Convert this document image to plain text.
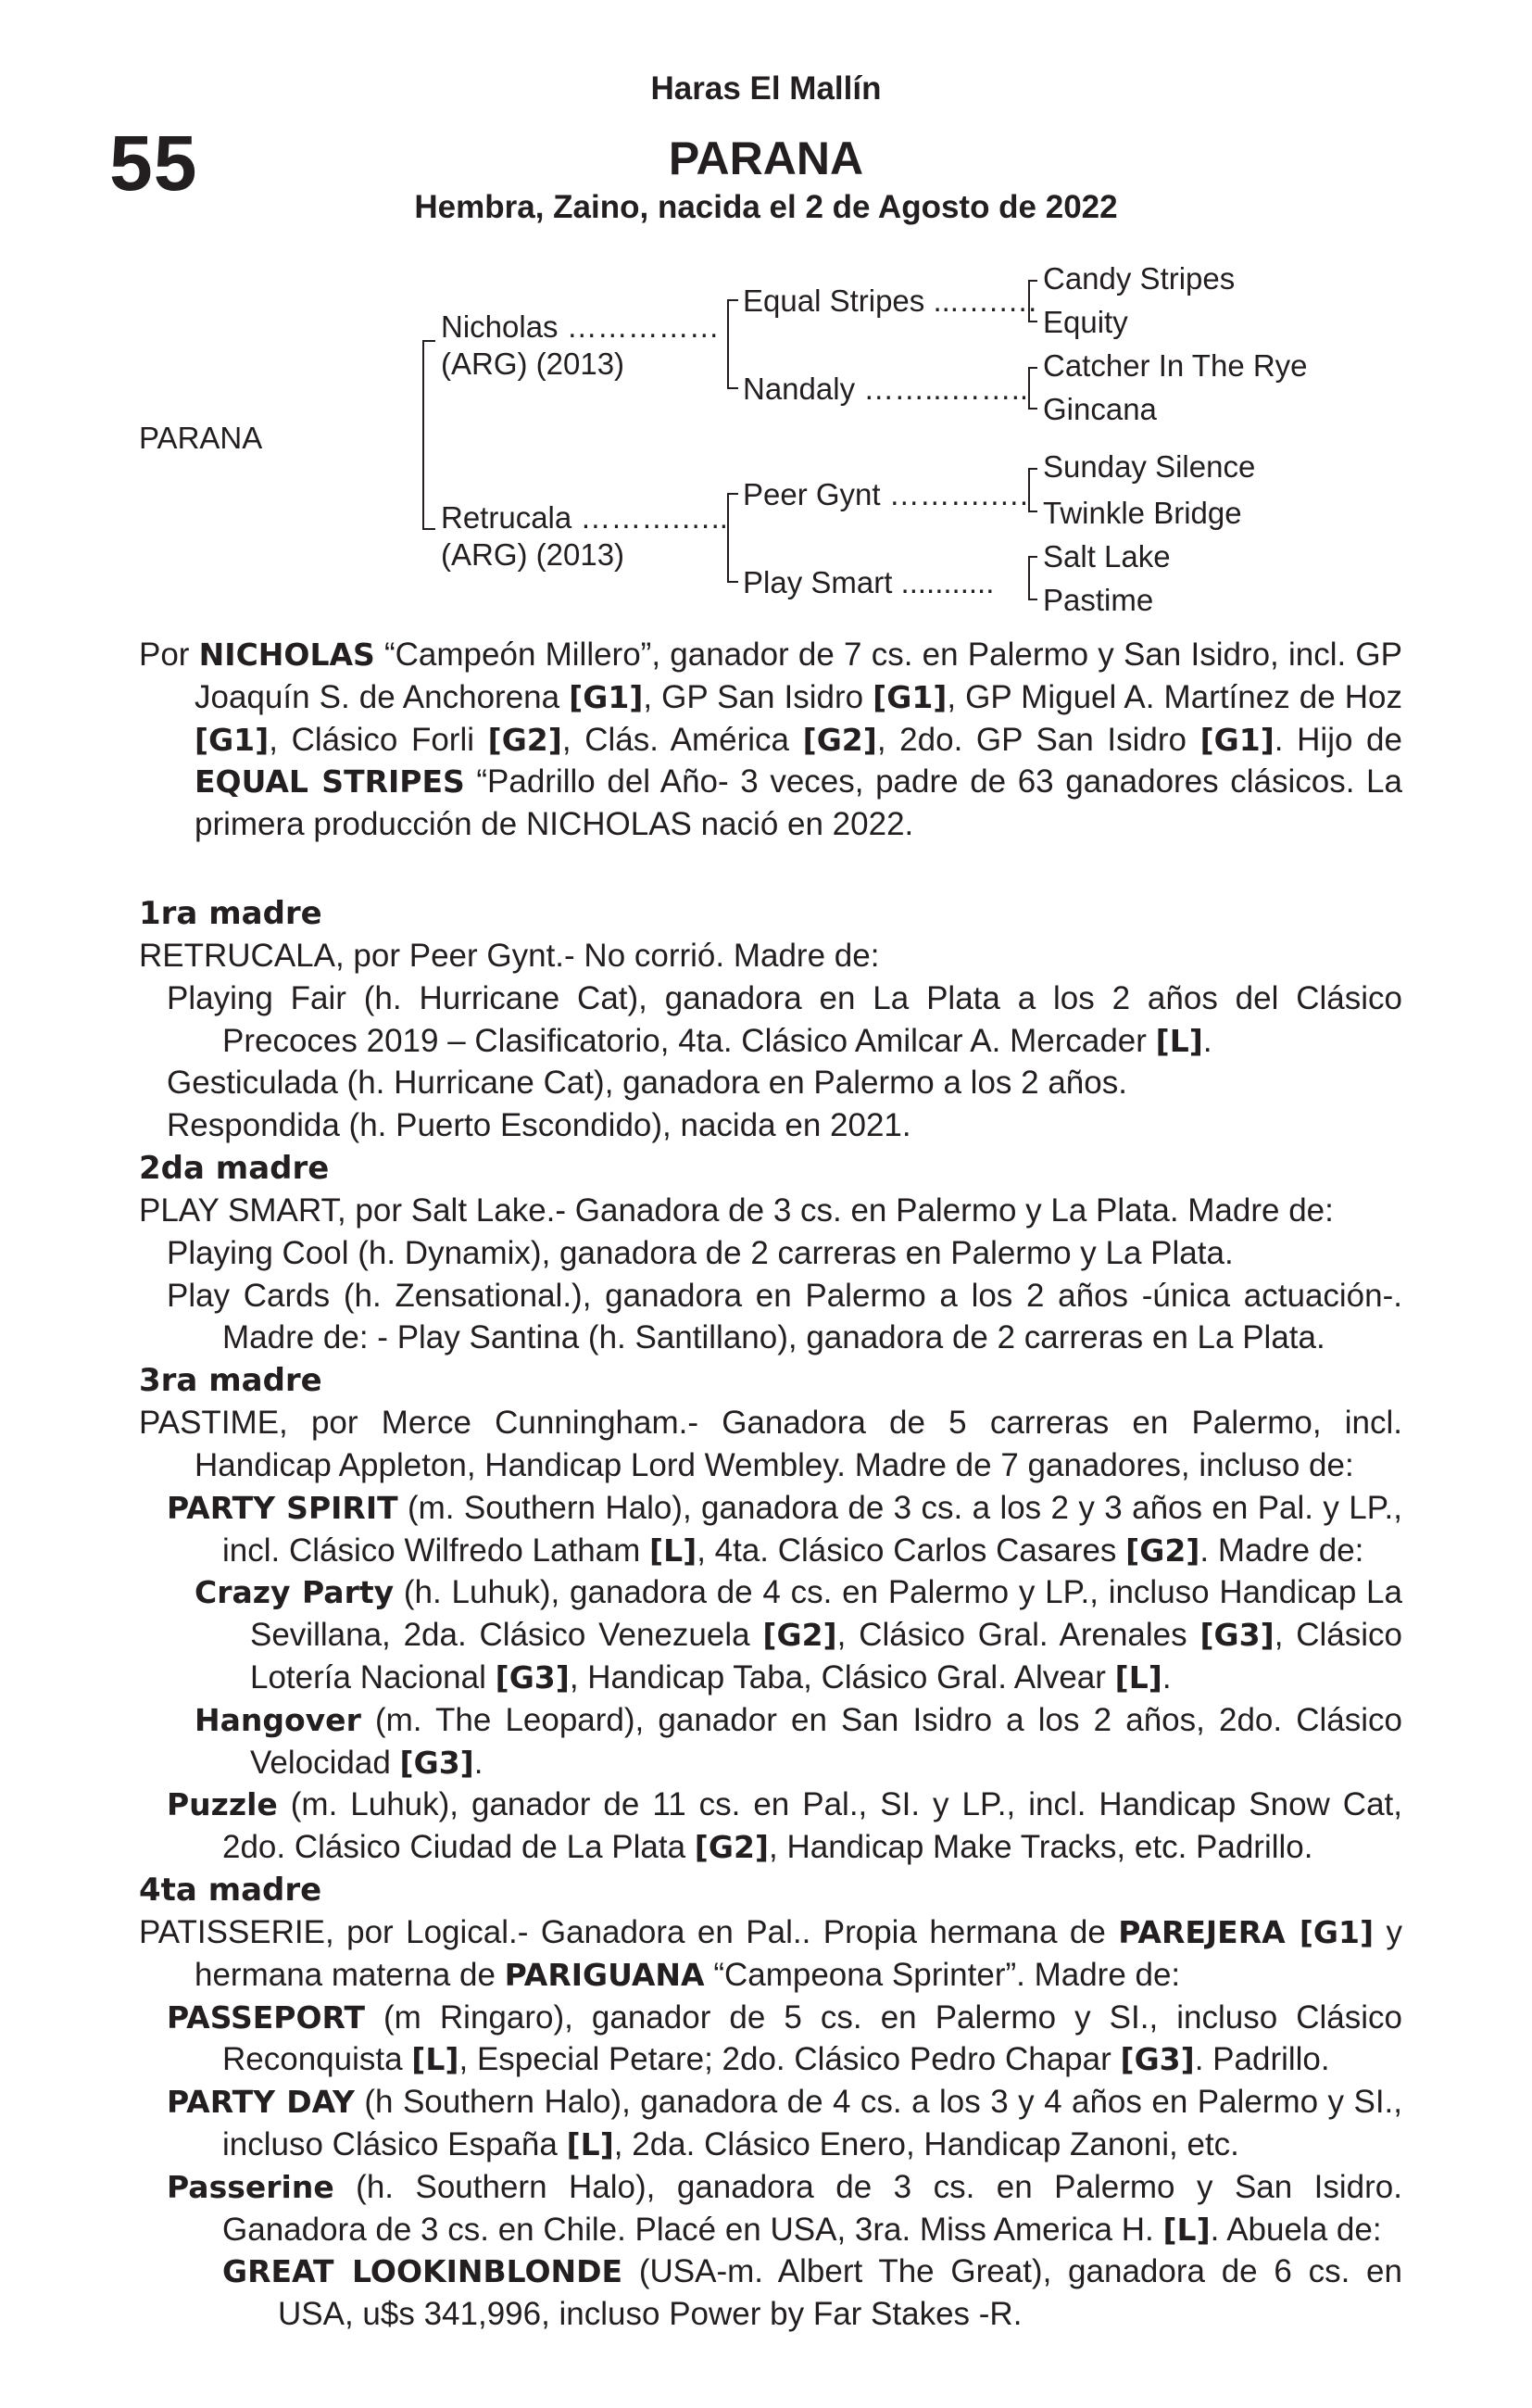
Haras El Mallín
55	PARANA
Hembra, Zaino, nacida el 2 de Agosto de 2022
PARANA
Nicholas ……………
(ARG) (2013)
Retrucala ……….…..
(ARG) (2013)
Equal Stripes ...….….
Nandaly ……...……..
Peer Gynt ……….….
Play Smart ...........
Candy Stripes
Equity
Catcher In The Rye
Gincana
Sunday Silence
Twinkle Bridge
Salt Lake
Pastime

Por NICHOLAS “Campeón Millero”, ganador de 7 cs. en Palermo y San Isidro, incl. GP Joaquín S. de Anchorena [G1], GP San Isidro [G1], GP Miguel A. Martínez de Hoz [G1], Clásico Forli [G2], Clás. América [G2], 2do. GP San Isidro [G1]. Hijo de EQUAL STRIPES “Padrillo del Año- 3 veces, padre de 63 ganadores clásicos. La primera producción de NICHOLAS nació en 2022.

1ra madre

RETRUCALA, por Peer Gynt.- No corrió. Madre de:

Playing Fair (h. Hurricane Cat), ganadora en La Plata a los 2 años del Clásico Precoces 2019 – Clasificatorio, 4ta. Clásico Amilcar A. Mercader [L].

Gesticulada (h. Hurricane Cat), ganadora en Palermo a los 2 años.

Respondida (h. Puerto Escondido), nacida en 2021.

2da madre

PLAY SMART, por Salt Lake.- Ganadora de 3 cs. en Palermo y La Plata. Madre de:

Playing Cool (h. Dynamix), ganadora de 2 carreras en Palermo y La Plata.

Play Cards (h. Zensational.), ganadora en Palermo a los 2 años -única actuación-. Madre de: - Play Santina (h. Santillano), ganadora de 2 carreras en La Plata.

3ra madre

PASTIME, por Merce Cunningham.- Ganadora de 5 carreras en Palermo, incl. Handicap Appleton, Handicap Lord Wembley. Madre de 7 ganadores, incluso de:

PARTY SPIRIT (m. Southern Halo), ganadora de 3 cs. a los 2 y 3 años en Pal. y LP., incl. Clásico Wilfredo Latham [L], 4ta. Clásico Carlos Casares [G2]. Madre de:

Crazy Party (h. Luhuk), ganadora de 4 cs. en Palermo y LP., incluso Handicap La Sevillana, 2da. Clásico Venezuela [G2], Clásico Gral. Arenales [G3], Clásico Lotería Nacional [G3], Handicap Taba, Clásico Gral. Alvear [L].

Hangover (m. The Leopard), ganador en San Isidro a los 2 años, 2do. Clásico Velocidad [G3].

Puzzle (m. Luhuk), ganador de 11 cs. en Pal., SI. y LP., incl. Handicap Snow Cat, 2do. Clásico Ciudad de La Plata [G2], Handicap Make Tracks, etc. Padrillo.

4ta madre

PATISSERIE, por Logical.- Ganadora en Pal.. Propia hermana de PAREJERA [G1] y hermana materna de PARIGUANA “Campeona Sprinter”. Madre de:

PASSEPORT (m Ringaro), ganador de 5 cs. en Palermo y SI., incluso Clásico Reconquista [L], Especial Petare; 2do. Clásico Pedro Chapar [G3]. Padrillo.

PARTY DAY (h Southern Halo), ganadora de 4 cs. a los 3 y 4 años en Palermo y SI., incluso Clásico España [L], 2da. Clásico Enero, Handicap Zanoni, etc.

Passerine (h. Southern Halo), ganadora de 3 cs. en Palermo y San Isidro. Ganadora de 3 cs. en Chile. Placé en USA, 3ra. Miss America H. [L]. Abuela de:

GREAT LOOKINBLONDE (USA-m. Albert The Great), ganadora de 6 cs. en USA, u$s 341,996, incluso Power by Far Stakes -R.
